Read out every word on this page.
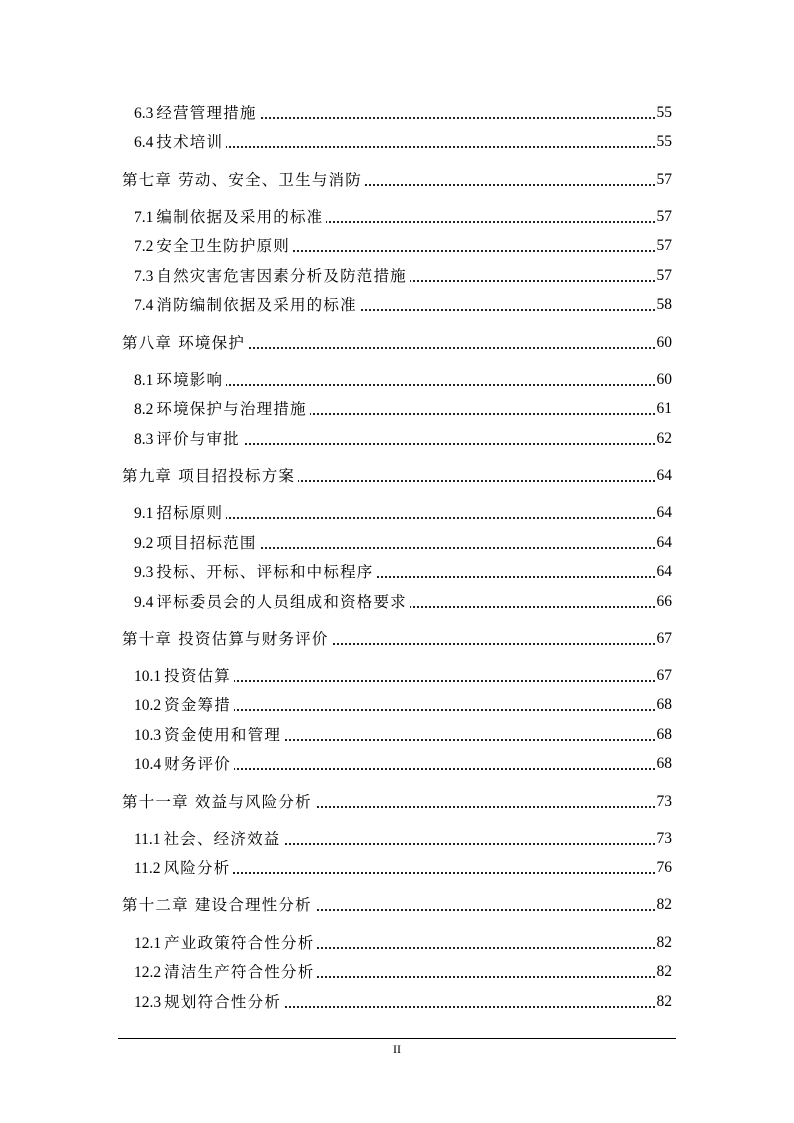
6.3 经营管理措施	55
6.4 技术培训	55
第七章 劳动、安全、卫生与消防	57
7.1 编制依据及采用的标准	57
7.2 安全卫生防护原则	57
7.3 自然灾害危害因素分析及防范措施	57
7.4 消防编制依据及采用的标准	58
第八章 环境保护	60
8.1 环境影响	60
8.2 环境保护与治理措施	61
8.3 评价与审批	62
第九章 项目招投标方案	64
9.1 招标原则	64
9.2 项目招标范围	64
9.3 投标、开标、评标和中标程序	64
9.4 评标委员会的人员组成和资格要求	66
第十章 投资估算与财务评价	67
10.1 投资估算	67
10.2 资金筹措	68
10.3 资金使用和管理	68
10.4 财务评价	68
第十一章 效益与风险分析	73
11.1 社会、经济效益	73
11.2 风险分析	76
第十二章 建设合理性分析	82
12.1 产业政策符合性分析	82
12.2 清洁生产符合性分析	82
12.3 规划符合性分析	82
II
